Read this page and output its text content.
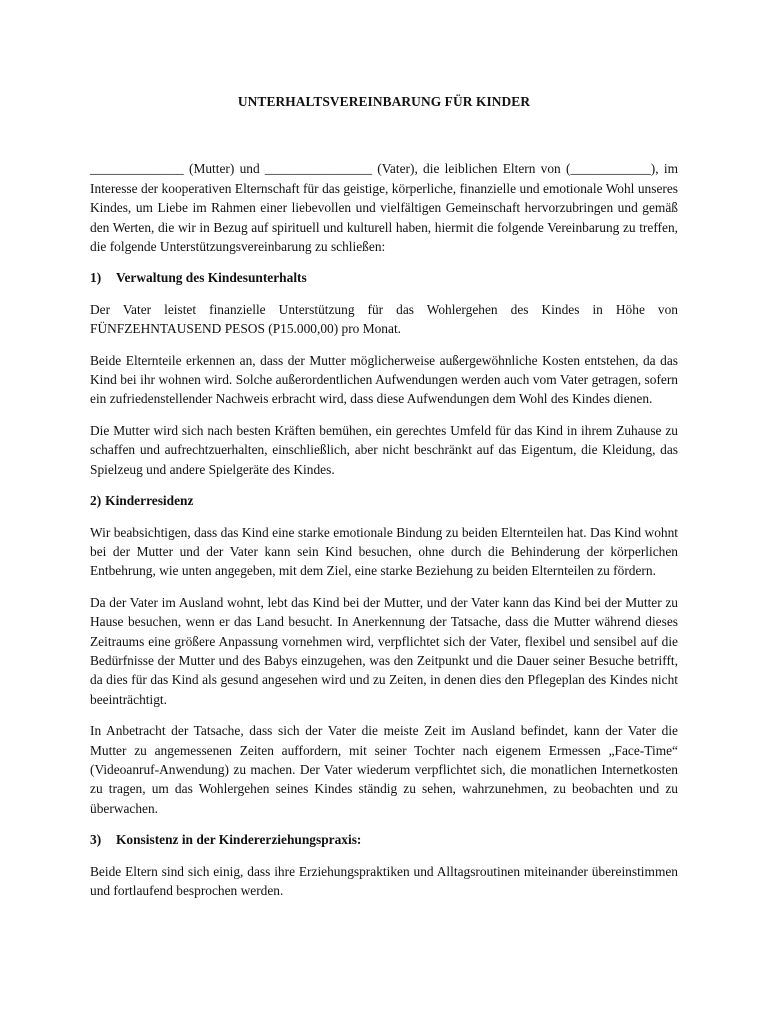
UNTERHALTSVEREINBARUNG FÜR KINDER

______________ (Mutter) und ________________ (Vater), die leiblichen Eltern von (____________), im Interesse der kooperativen Elternschaft für das geistige, körperliche, finanzielle und emotionale Wohl unseres Kindes, um Liebe im Rahmen einer liebevollen und vielfältigen Gemeinschaft hervorzubringen und gemäß den Werten, die wir in Bezug auf spirituell und kulturell haben, hiermit die folgende Vereinbarung zu treffen, die folgende Unterstützungsvereinbarung zu schließen:

1) Verwaltung des Kindesunterhalts

Der Vater leistet finanzielle Unterstützung für das Wohlergehen des Kindes in Höhe von FÜNFZEHNTAUSEND PESOS (P15.000,00) pro Monat.

Beide Elternteile erkennen an, dass der Mutter möglicherweise außergewöhnliche Kosten entstehen, da das Kind bei ihr wohnen wird. Solche außerordentlichen Aufwendungen werden auch vom Vater getragen, sofern ein zufriedenstellender Nachweis erbracht wird, dass diese Aufwendungen dem Wohl des Kindes dienen.

Die Mutter wird sich nach besten Kräften bemühen, ein gerechtes Umfeld für das Kind in ihrem Zuhause zu schaffen und aufrechtzuerhalten, einschließlich, aber nicht beschränkt auf das Eigentum, die Kleidung, das Spielzeug und andere Spielgeräte des Kindes.

2) Kinderresidenz

Wir beabsichtigen, dass das Kind eine starke emotionale Bindung zu beiden Elternteilen hat. Das Kind wohnt bei der Mutter und der Vater kann sein Kind besuchen, ohne durch die Behinderung der körperlichen Entbehrung, wie unten angegeben, mit dem Ziel, eine starke Beziehung zu beiden Elternteilen zu fördern.

Da der Vater im Ausland wohnt, lebt das Kind bei der Mutter, und der Vater kann das Kind bei der Mutter zu Hause besuchen, wenn er das Land besucht. In Anerkennung der Tatsache, dass die Mutter während dieses Zeitraums eine größere Anpassung vornehmen wird, verpflichtet sich der Vater, flexibel und sensibel auf die Bedürfnisse der Mutter und des Babys einzugehen, was den Zeitpunkt und die Dauer seiner Besuche betrifft, da dies für das Kind als gesund angesehen wird und zu Zeiten, in denen dies den Pflegeplan des Kindes nicht beeinträchtigt.

In Anbetracht der Tatsache, dass sich der Vater die meiste Zeit im Ausland befindet, kann der Vater die Mutter zu angemessenen Zeiten auffordern, mit seiner Tochter nach eigenem Ermessen „Face-Time“ (Videoanruf-Anwendung) zu machen. Der Vater wiederum verpflichtet sich, die monatlichen Internetkosten zu tragen, um das Wohlergehen seines Kindes ständig zu sehen, wahrzunehmen, zu beobachten und zu überwachen.

3) Konsistenz in der Kindererziehungspraxis:

Beide Eltern sind sich einig, dass ihre Erziehungspraktiken und Alltagsroutinen miteinander übereinstimmen und fortlaufend besprochen werden.
